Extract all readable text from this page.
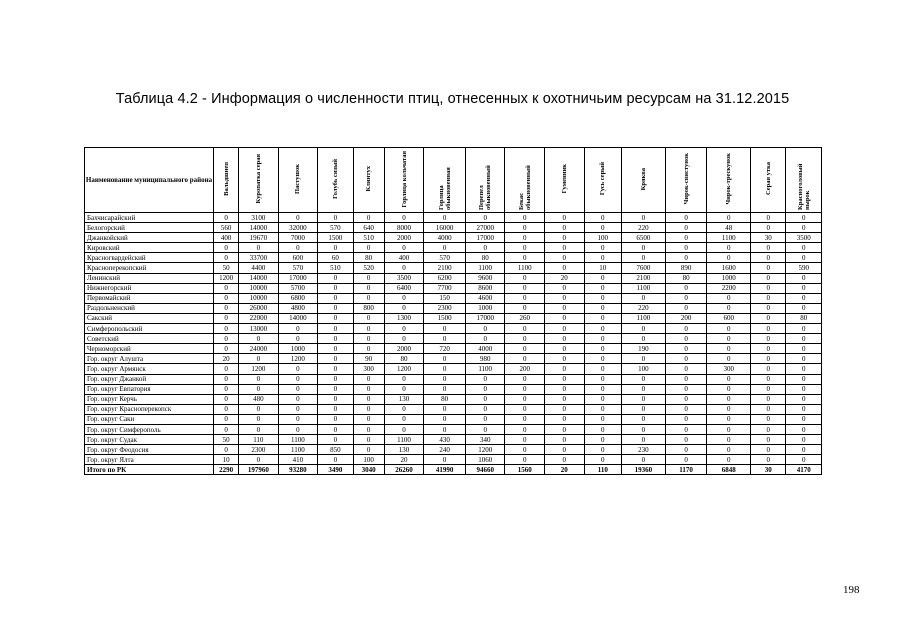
Таблица 4.2 - Информация о численности птиц, отнесенных к охотничьим ресурсам на 31.12.2015
Наименование муниципального района	Вальдшнеп	Куропатка серая	Пастушок	Голубь сизый	Клинтух	Горлица кольчатая	Горлица обыкновенная	Перепел обыкновенный	Бекас обыкновенный	Гуменник	Гусь серый	Кряква	Чирок-свистунок	Чирок-трескунок	Серая утка	Красноголовый нырок
Бахчисарайский	0	3100	0	0	0	0	0	0	0	0	0	0	0	0	0	0
Белогорский	560	14000	32000	570	640	8000	16000	27000	0	0	0	220	0	48	0	0
Джанкойский	400	19670	7000	1500	510	2000	4000	17000	0	0	100	6500	0	1100	30	3500
Кировский	0	0	0	0	0	0	0	0	0	0	0	0	0	0	0	0
Красногвардейский	0	33700	600	60	80	400	570	80	0	0	0	0	0	0	0	0
Красноперекопский	50	4400	570	510	520	0	2100	1100	1100	0	10	7600	890	1600	0	590
Ленинский	1200	14000	17000	0	0	3500	6200	9600	0	20	0	2100	80	1000	0	0
Нижнегорский	0	10000	5700	0	0	6400	7700	8600	0	0	0	1100	0	2200	0	0
Первомайский	0	10000	6800	0	0	0	150	4600	0	0	0	0	0	0	0	0
Раздольненский	0	26000	4800	0	800	0	2300	1000	0	0	0	220	0	0	0	0
Сакский	0	22000	14000	0	0	1300	1500	17000	260	0	0	1100	200	600	0	80
Симферопольский	0	13000	0	0	0	0	0	0	0	0	0	0	0	0	0	0
Советский	0	0	0	0	0	0	0	0	0	0	0	0	0	0	0	0
Черноморский	0	24000	1000	0	0	2000	720	4000	0	0	0	190	0	0	0	0
Гор. округ Алушта	20	0	1200	0	90	80	0	980	0	0	0	0	0	0	0	0
Гор. округ Армянск	0	1200	0	0	300	1200	0	1100	200	0	0	100	0	300	0	0
Гор. округ Джанкой	0	0	0	0	0	0	0	0	0	0	0	0	0	0	0	0
Гор. округ Евпатория	0	0	0	0	0	0	0	0	0	0	0	0	0	0	0	0
Гор. округ Керчь	0	480	0	0	0	130	80	0	0	0	0	0	0	0	0	0
Гор. округ Красноперекопск	0	0	0	0	0	0	0	0	0	0	0	0	0	0	0	0
Гор. округ Саки	0	0	0	0	0	0	0	0	0	0	0	0	0	0	0	0
Гор. округ Симферополь	0	0	0	0	0	0	0	0	0	0	0	0	0	0	0	0
Гор. округ Судак	50	110	1100	0	0	1100	430	340	0	0	0	0	0	0	0	0
Гор. округ Феодосия	0	2300	1100	850	0	130	240	1200	0	0	0	230	0	0	0	0
Гор. округ Ялта	10	0	410	0	100	20	0	1060	0	0	0	0	0	0	0	0
Итого по РК	2290	197960	93280	3490	3040	26260	41990	94660	1560	20	110	19360	1170	6848	30	4170
198
